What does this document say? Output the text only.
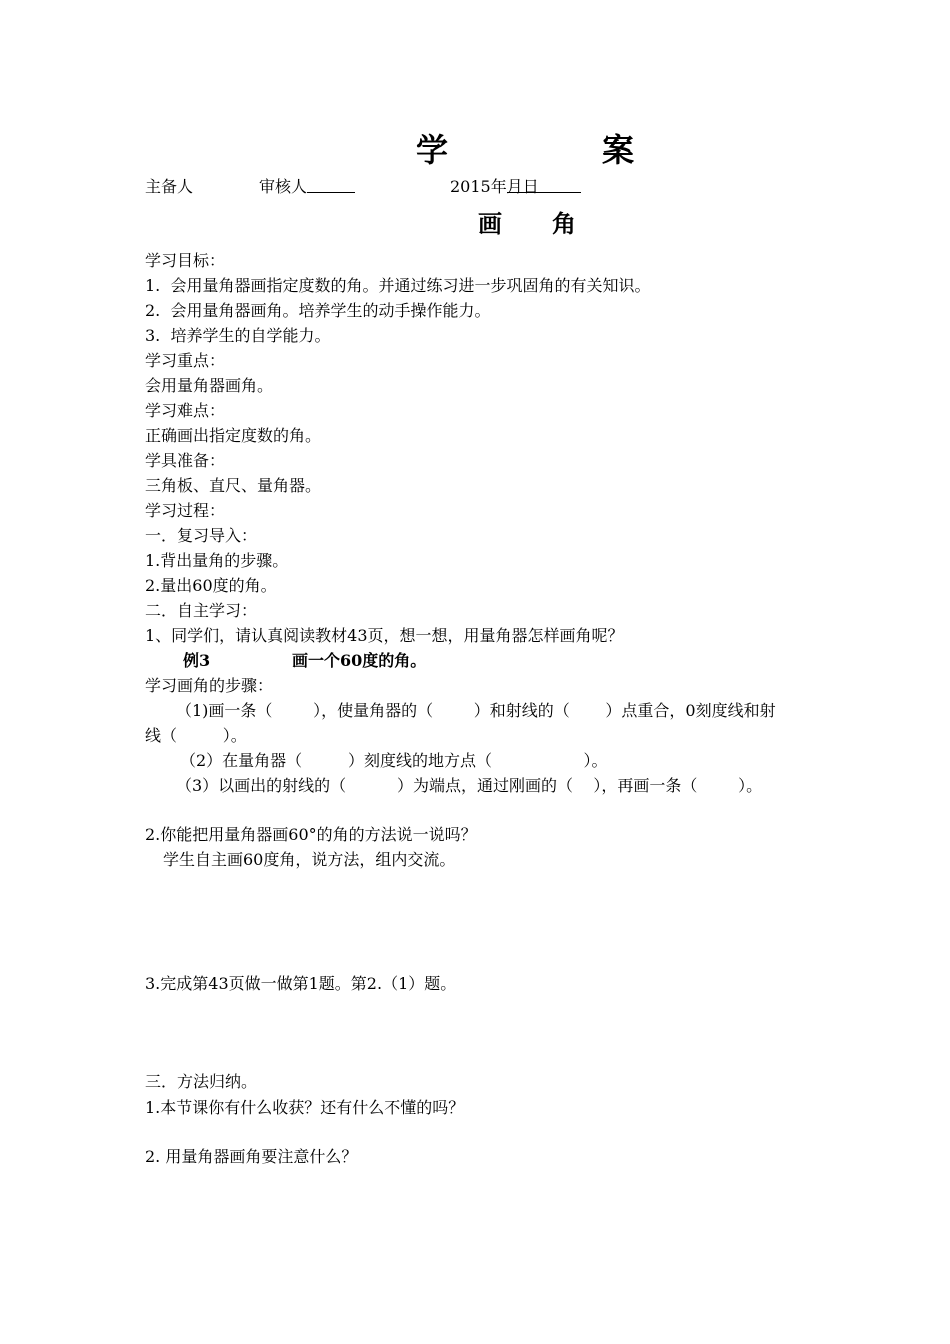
学	案
主备人	审核人	2015年
月
日
画 角
学习目标：
1.  会用量角器画指定度数的角。并通过练习进一步巩固角的有关知识。
2.  会用量角器画角。培养学生的动手操作能力。
3.  培养学生的自学能力。
学习重点：
会用量角器画角。
学习难点：
正确画出指定度数的角。
学具准备：
三角板、直尺、量角器。
学习过程：
一．复习导入：
1.背出量角的步骤。
2.量出60度的角。
二．自主学习：
1、同学们，请认真阅读教材43页，想一想，用量角器怎样画角呢？
例3	画一个60度的角。
学习画角的步骤：
（1)画一条（        ），使量角器的（        ）和射线的（       ）点重合，0刻度线和射
线（         ）。
（2）在量角器（         ）刻度线的地方点（                  ）。
（3）以画出的射线的（          ）为端点，通过刚画的（    ），再画一条（        ）。
2.你能把用量角器画60°的角的方法说一说吗？
学生自主画60度角，说方法，组内交流。
3.完成第43页做一做第1题。第2.（1）题。
三．方法归纳。
1.本节课你有什么收获？还有什么不懂的吗？
2. 用量角器画角要注意什么？
